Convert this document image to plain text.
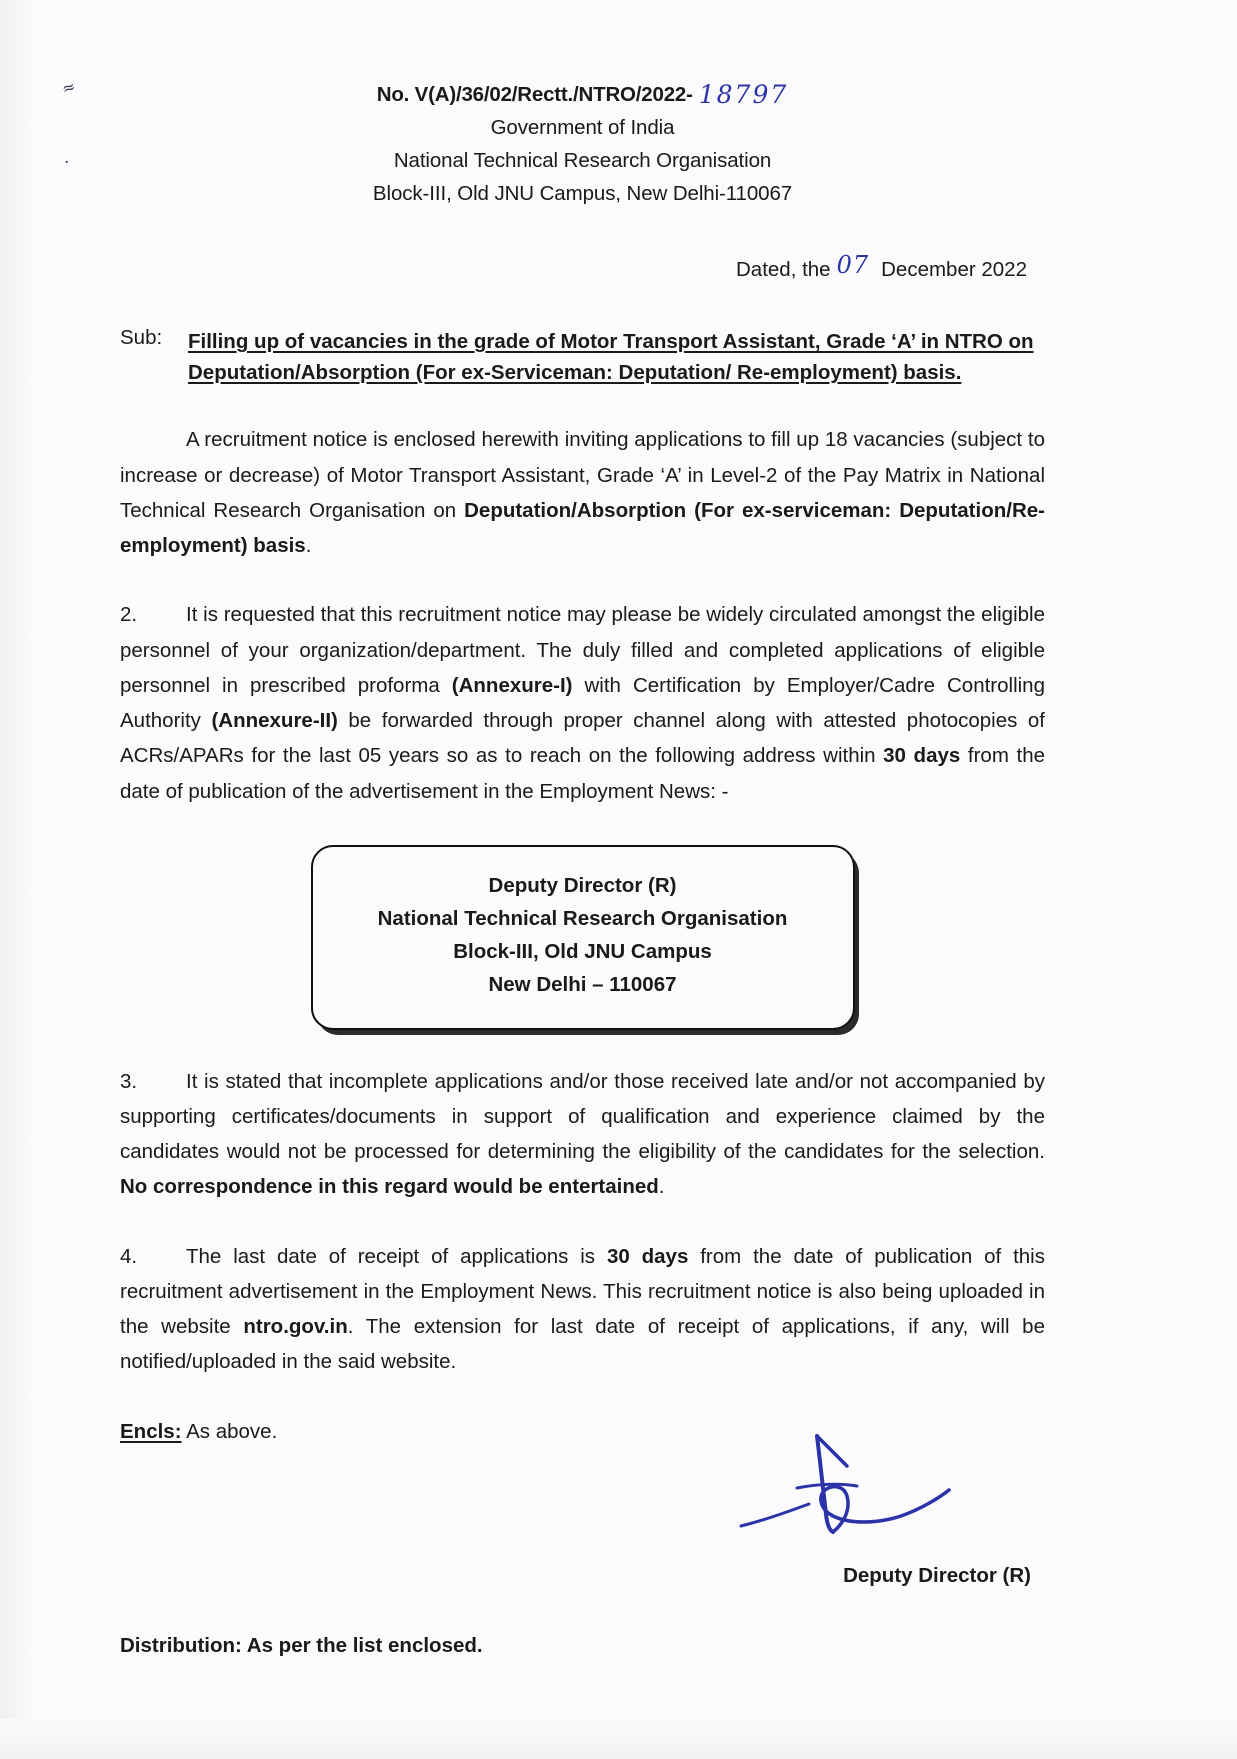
≈
.
No. V(A)/36/02/Rectt./NTRO/2022- 18797
Government of India
National Technical Research Organisation
Block-III, Old JNU Campus, New Delhi-110067
Dated, the 07 December 2022
Sub:	Filling up of vacancies in the grade of Motor Transport Assistant, Grade ‘A’ in NTRO on
Deputation/Absorption (For ex-Serviceman: Deputation/ Re-employment) basis.

A recruitment notice is enclosed herewith inviting applications to fill up 18 vacancies (subject to increase or decrease) of Motor Transport Assistant, Grade ‘A’ in Level-2 of the Pay Matrix in National Technical Research Organisation on Deputation/Absorption (For ex-serviceman: Deputation/Re-employment) basis.

2. It is requested that this recruitment notice may please be widely circulated amongst the eligible personnel of your organization/department. The duly filled and completed applications of eligible personnel in prescribed proforma (Annexure-I) with Certification by Employer/Cadre Controlling Authority (Annexure-II) be forwarded through proper channel along with attested photocopies of ACRs/APARs for the last 05 years so as to reach on the following address within 30 days from the date of publication of the advertisement in the Employment News: -

Deputy Director (R)
National Technical Research Organisation
Block-III, Old JNU Campus
New Delhi – 110067

3. It is stated that incomplete applications and/or those received late and/or not accompanied by supporting certificates/documents in support of qualification and experience claimed by the candidates would not be processed for determining the eligibility of the candidates for the selection. No correspondence in this regard would be entertained.

4. The last date of receipt of applications is 30 days from the date of publication of this recruitment advertisement in the Employment News. This recruitment notice is also being uploaded in the website ntro.gov.in. The extension for last date of receipt of applications, if any, will be notified/uploaded in the said website.

Encls: As above.
Deputy Director (R)
Distribution: As per the list enclosed.
